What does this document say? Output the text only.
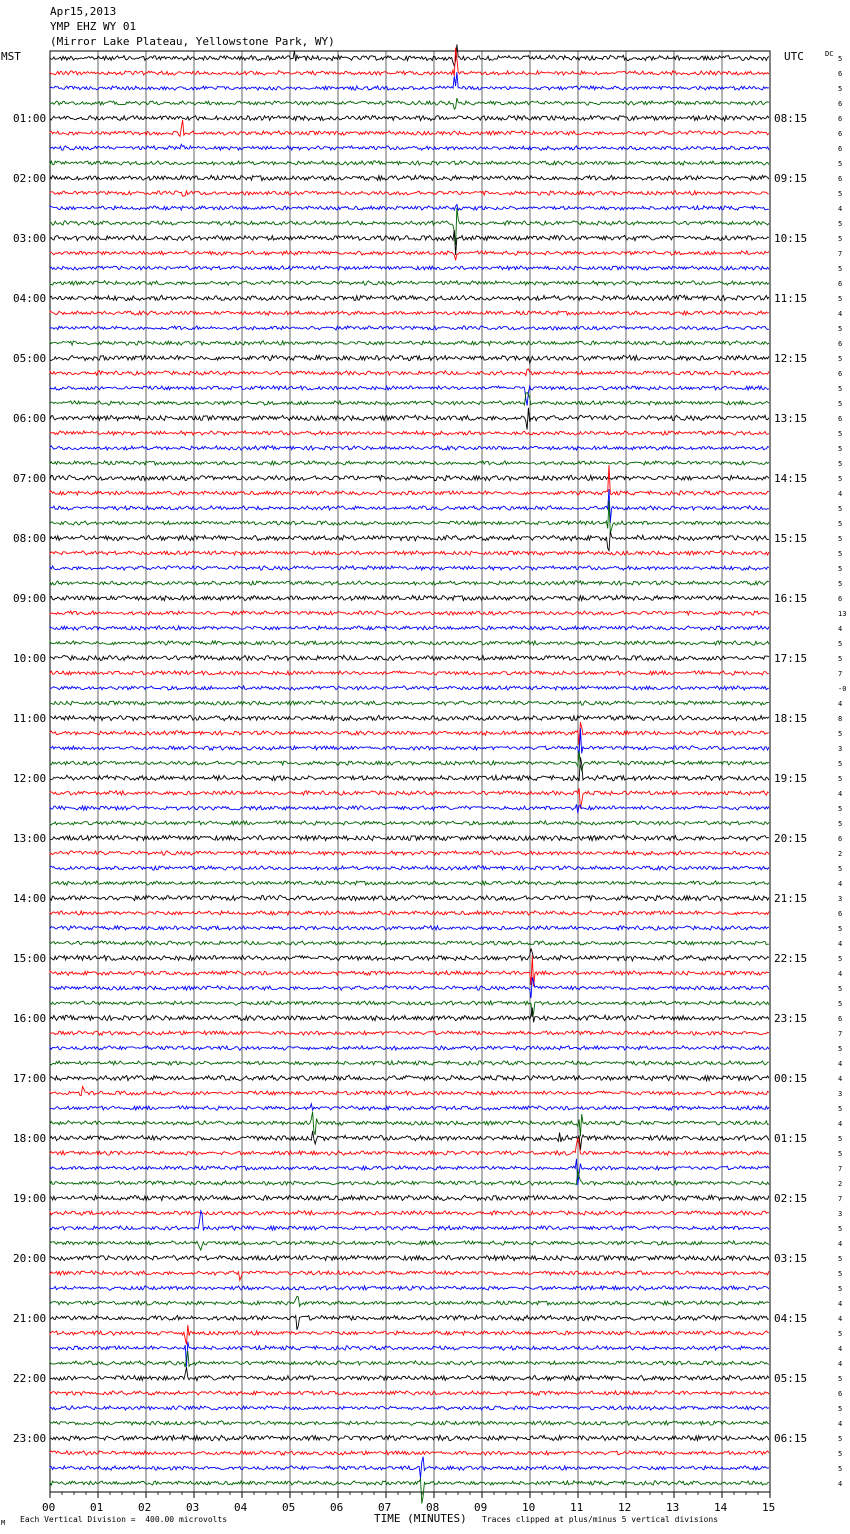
Apr15,2013
YMP EHZ WY 01
(Mirror Lake Plateau, Yellowstone Park, WY)
MST	UTC	DC
00	01	02	03	04	05	06	07	08	09	10	11	12	13	14	15
5
6
5
6
6
6
6
5
6
5
4
5
5
7
5
6
5
4
5
6
5
6
5
5
6
5
5
5
5
4
5
5
5
5
5
5
6
13
4
5
5
7
-0
4
8
5
3
5
5
4
5
5
6
2
5
4
3
6
5
4
5
4
5
5
6
7
5
4
4
3
5
4
5
5
7
2
7
3
5
4
5
5
5
4
4
5
4
4
5
6
5
4
5
5
5
4
01:00	08:15
02:00	09:15
03:00	10:15
04:00	11:15
05:00	12:15
06:00	13:15
07:00	14:15
08:00	15:15
09:00	16:15
10:00	17:15
11:00	18:15
12:00	19:15
13:00	20:15
14:00	21:15
15:00	22:15
16:00	23:15
17:00	00:15
18:00	01:15
19:00	02:15
20:00	03:15
21:00	04:15
22:00	05:15
23:00	06:15
M Each Vertical Division =  400.00 microvolts	TIME (MINUTES) Traces clipped at plus/minus 5 vertical divisions
